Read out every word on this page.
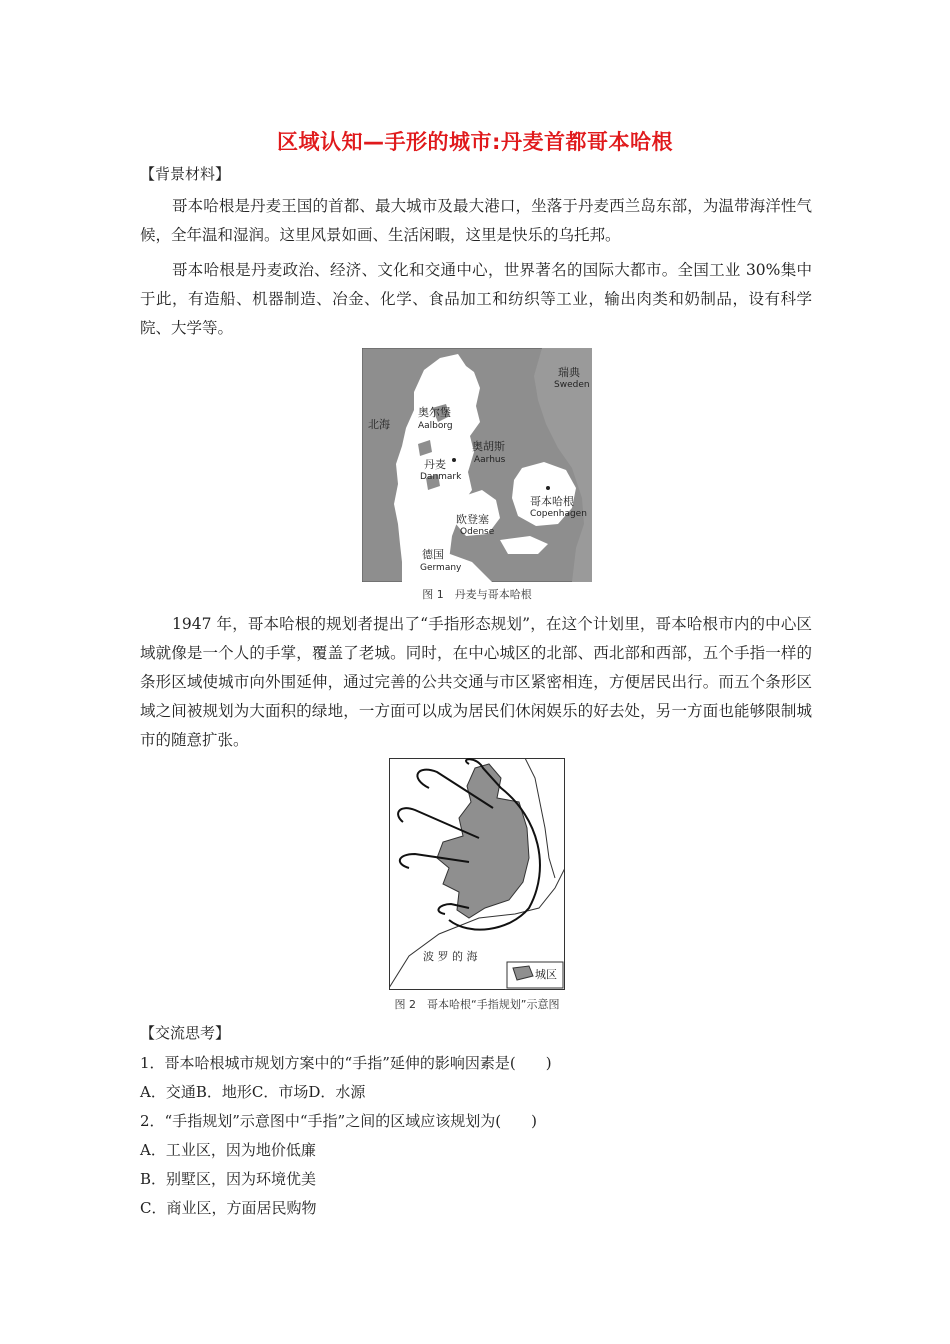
区域认知—手形的城市:丹麦首都哥本哈根
【背景材料】
哥本哈根是丹麦王国的首都、最大城市及最大港口，坐落于丹麦西兰岛东部，为温带海洋性气候，全年温和湿润。这里风景如画、生活闲暇，这里是快乐的乌托邦。
哥本哈根是丹麦政治、经济、文化和交通中心，世界著名的国际大都市。全国工业 30%集中于此，有造船、机器制造、冶金、化学、食品加工和纺织等工业，输出肉类和奶制品，设有科学院、大学等。
瑞典
Sweden
北海
奥尔堡
Aalborg
奥胡斯
Aarhus
丹麦
Danmark
哥本哈根
Copenhagen
欧登塞
Odense
德国
Germany
图 1　丹麦与哥本哈根
1947 年，哥本哈根的规划者提出了“手指形态规划”，在这个计划里，哥本哈根市内的中心区域就像是一个人的手掌，覆盖了老城。同时，在中心城区的北部、西北部和西部，五个手指一样的条形区域使城市向外围延伸，通过完善的公共交通与市区紧密相连，方便居民出行。而五个条形区域之间被规划为大面积的绿地，一方面可以成为居民们休闲娱乐的好去处，另一方面也能够限制城市的随意扩张。
波 罗 的 海
城区
图 2　哥本哈根“手指规划”示意图
【交流思考】
1．哥本哈根城市规划方案中的“手指”延伸的影响因素是(　　)
A．交通B．地形C．市场D．水源
2．“手指规划”示意图中“手指”之间的区域应该规划为(　　)
A．工业区，因为地价低廉
B．别墅区，因为环境优美
C．商业区，方面居民购物
